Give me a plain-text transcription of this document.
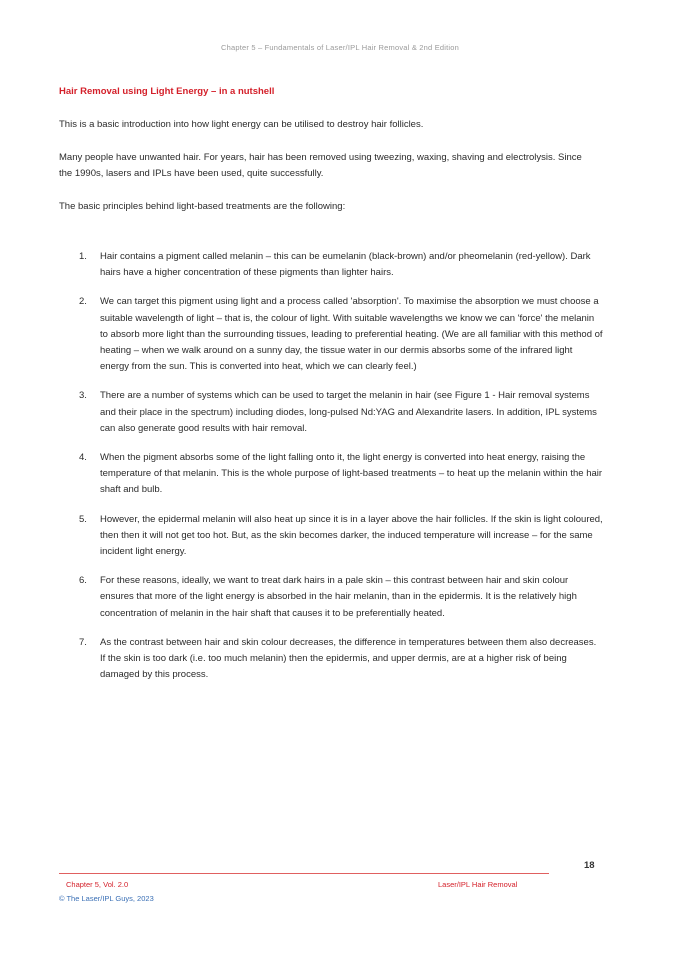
Chapter 5 – Fundamentals of Laser/IPL Hair Removal & 2nd Edition
Hair Removal using Light Energy – in a nutshell

This is a basic introduction into how light energy can be utilised to destroy hair follicles.

Many people have unwanted hair. For years, hair has been removed using tweezing, waxing, shaving and electrolysis. Since the 1990s, lasers and IPLs have been used, quite successfully.

The basic principles behind light-based treatments are the following:

1. Hair contains a pigment called melanin – this can be eumelanin (black-brown) and/or pheomelanin (red-yellow). Dark hairs have a higher concentration of these pigments than lighter hairs.
2. We can target this pigment using light and a process called 'absorption'. To maximise the absorption we must choose a suitable wavelength of light – that is, the colour of light. With suitable wavelengths we know we can 'force' the melanin to absorb more light than the surrounding tissues, leading to preferential heating. (We are all familiar with this method of heating – when we walk around on a sunny day, the tissue water in our dermis absorbs some of the infrared light energy from the sun. This is converted into heat, which we can clearly feel.)
3. There are a number of systems which can be used to target the melanin in hair (see Figure 1 - Hair removal systems and their place in the spectrum) including diodes, long-pulsed Nd:YAG and Alexandrite lasers. In addition, IPL systems can also generate good results with hair removal.
4. When the pigment absorbs some of the light falling onto it, the light energy is converted into heat energy, raising the temperature of that melanin. This is the whole purpose of light-based treatments – to heat up the melanin within the hair shaft and bulb.
5. However, the epidermal melanin will also heat up since it is in a layer above the hair follicles. If the skin is light coloured, then then it will not get too hot. But, as the skin becomes darker, the induced temperature will increase – for the same incident light energy.
6. For these reasons, ideally, we want to treat dark hairs in a pale skin – this contrast between hair and skin colour ensures that more of the light energy is absorbed in the hair melanin, than in the epidermis. It is the relatively high concentration of melanin in the hair shaft that causes it to be preferentially heated.
7. As the contrast between hair and skin colour decreases, the difference in temperatures between them also decreases. If the skin is too dark (i.e. too much melanin) then the epidermis, and upper dermis, are at a higher risk of being damaged by this process.
18
Chapter 5, Vol. 2.0	Laser/IPL Hair Removal
© The Laser/IPL Guys, 2023
